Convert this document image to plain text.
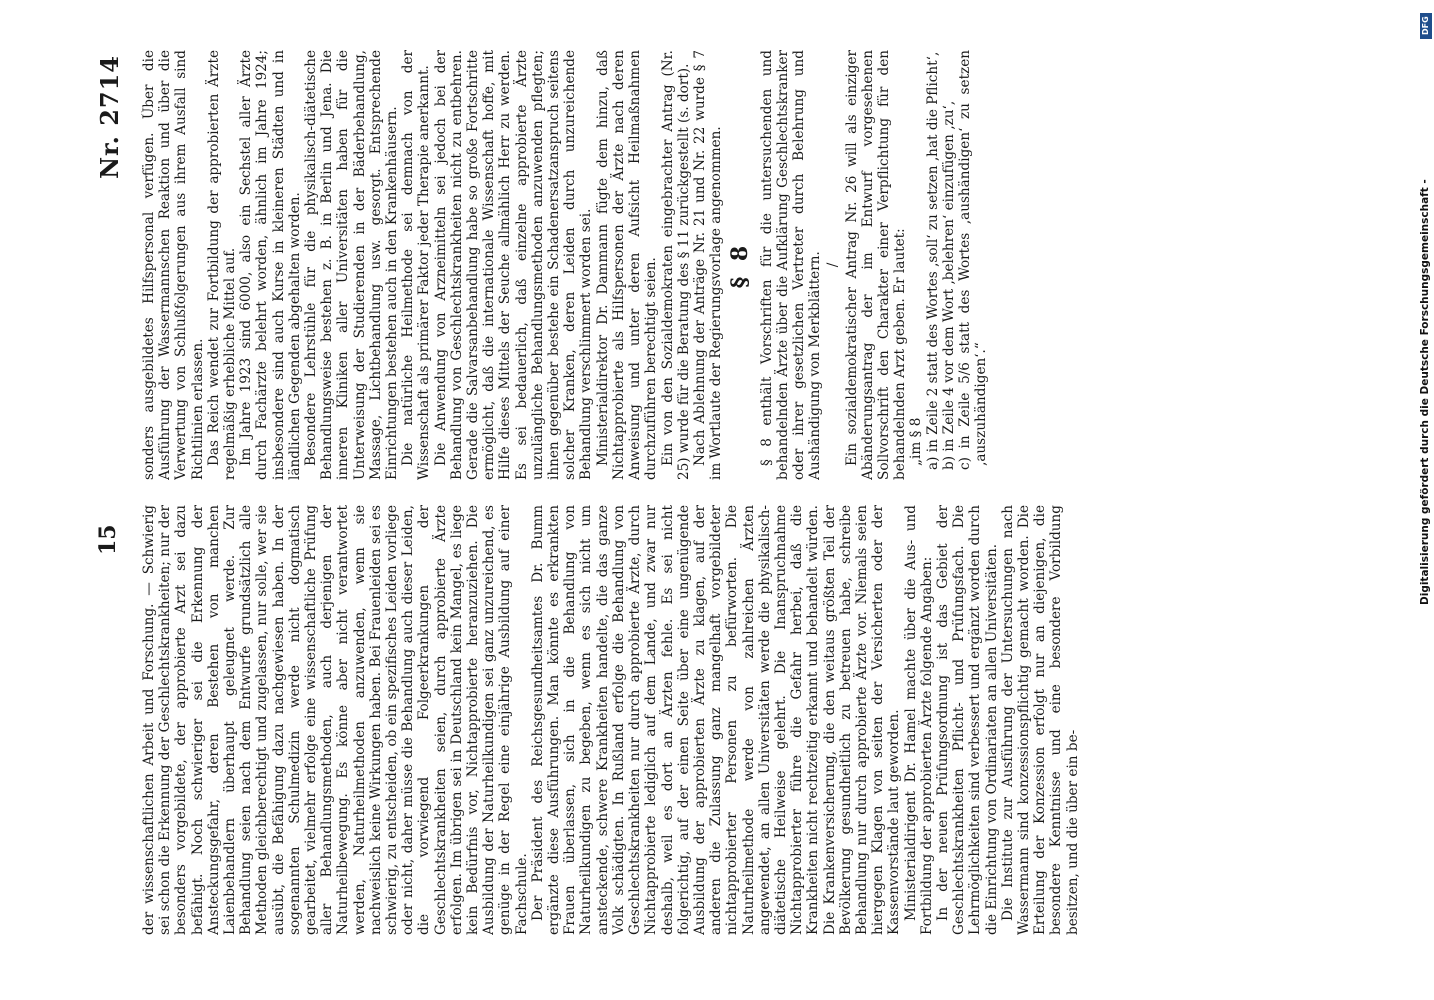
15
Nr. 2714

der wissenschaftlichen Arbeit und Forschung. — Schwierig sei schon die Erkennung der Geschlechtskrankheiten; nur der besonders vorgebildete, der approbierte Arzt sei dazu befähigt. Noch schwieriger sei die Erkennung der Ansteckungsgefahr, deren Bestehen von manchen Laienbehandlern überhaupt geleugnet werde. Zur Behandlung seien nach dem Entwurfe grundsätzlich alle Methoden gleichberechtigt und zugelassen, nur solle, wer sie ausübt, die Befähigung dazu nachgewiesen haben. In der sogenannten Schulmedizin werde nicht dogmatisch gearbeitet, vielmehr erfolge eine wissenschaftliche Prüfung aller Behandlungsmethoden, auch derjenigen der Naturheilbewegung. Es könne aber nicht verantwortet werden, Naturheilmethoden anzuwenden, wenn sie nachweislich keine Wirkungen haben. Bei Frauenleiden sei es schwierig, zu entscheiden, ob ein spezifisches Leiden vorliege oder nicht, daher müsse die Behandlung auch dieser Leiden, die vorwiegend Folgeerkrankungen der Geschlechtskrankheiten seien, durch approbierte Ärzte erfolgen. Im übrigen sei in Deutschland kein Mangel, es liege kein Bedürfnis vor, Nichtapprobierte heranzuziehen. Die Ausbildung der Naturheilkundigen sei ganz unzureichend, es genüge in der Regel eine einjährige Ausbildung auf einer Fachschule. Der Präsident des Reichsgesundheitsamtes Dr. Bumm ergänzte diese Ausführungen. Man könnte es erkrankten Frauen überlassen, sich in die Behandlung von Naturheilkundigen zu begeben, wenn es sich nicht um ansteckende, schwere Krankheiten handelte, die das ganze Volk schädigten. In Rußland erfolge die Behandlung von Geschlechtskrankheiten nur durch approbierte Ärzte, durch Nichtapprobierte lediglich auf dem Lande, und zwar nur deshalb, weil es dort an Ärzten fehle. Es sei nicht folgerichtig, auf der einen Seite über eine ungenügende Ausbildung der approbierten Ärzte zu klagen, auf der anderen die Zulassung ganz mangelhaft vorgebildeter nichtapprobierter Personen zu befürworten. Die Naturheilmethode werde von zahlreichen Ärzten angewendet, an allen Universitäten werde die physikalisch-diätetische Heilweise gelehrt. Die Inanspruchnahme Nichtapprobierter führe die Gefahr herbei, daß die Krankheiten nicht rechtzeitig erkannt und behandelt würden. Die Krankenversicherung, die den weitaus größten Teil der Bevölkerung gesundheitlich zu betreuen habe, schreibe Behandlung nur durch approbierte Ärzte vor. Niemals seien hiergegen Klagen von seiten der Versicherten oder der Kassenvorstände laut geworden. Ministerialdirigent Dr. Hamel machte über die Aus- und Fortbildung der approbierten Ärzte folgende Angaben: In der neuen Prüfungsordnung ist das Gebiet der Geschlechtskrankheiten Pflicht- und Prüfungsfach. Die Lehrmöglichkeiten sind verbessert und ergänzt worden durch die Einrichtung von Ordinariaten an allen Universitäten. Die Institute zur Ausführung der Untersuchungen nach Wassermann sind konzessionspflichtig gemacht worden. Die Erteilung der Konzession erfolgt nur an diejenigen, die besondere Kenntnisse und eine besondere Vorbildung besitzen, und die über ein be-

sonders ausgebildetes Hilfspersonal verfügen. Über die Ausführung der Wassermannschen Reaktion und über die Verwertung von Schlußfolgerungen aus ihrem Ausfall sind Richtlinien erlassen. Das Reich wendet zur Fortbildung der approbierten Ärzte regelmäßig erhebliche Mittel auf. Im Jahre 1923 sind 6000, also ein Sechstel aller Ärzte durch Fachärzte belehrt worden, ähnlich im Jahre 1924; insbesondere sind auch Kurse in kleineren Städten und in ländlichen Gegenden abgehalten worden. Besondere Lehrstühle für die physikalisch-diätetische Behandlungsweise bestehen z. B. in Berlin und Jena. Die inneren Kliniken aller Universitäten haben für die Unterweisung der Studierenden in der Bäderbehandlung, Massage, Lichtbehandlung usw. gesorgt. Entsprechende Einrichtungen bestehen auch in den Krankenhäusern. Die natürliche Heilmethode sei demnach von der Wissenschaft als primärer Faktor jeder Therapie anerkannt. Die Anwendung von Arzneimitteln sei jedoch bei der Behandlung von Geschlechtskrankheiten nicht zu entbehren. Gerade die Salvarsanbehandlung habe so große Fortschritte ermöglicht, daß die internationale Wissenschaft hoffe, mit Hilfe dieses Mittels der Seuche allmählich Herr zu werden. Es sei bedauerlich, daß einzelne approbierte Ärzte unzulängliche Behandlungsmethoden anzuwenden pflegten; ihnen gegenüber bestehe ein Schadenersatzanspruch seitens solcher Kranken, deren Leiden durch unzureichende Behandlung verschlimmert worden sei. Ministerialdirektor Dr. Dammann fügte dem hinzu, daß Nichtapprobierte als Hilfspersonen der Ärzte nach deren Anweisung und unter deren Aufsicht Heilmaßnahmen durchzuführen berechtigt seien. Ein von den Sozialdemokraten eingebrachter Antrag (Nr. 25) wurde für die Beratung des § 11 zurückgestellt (s. dort). Nach Ablehnung der Anträge Nr. 21 und Nr. 22 wurde § 7 im Wortlaute der Regierungsvorlage angenommen. § 8 § 8 enthält Vorschriften für die untersuchenden und behandelnden Ärzte über die Aufklärung Geschlechtskranker oder ihrer gesetzlichen Vertreter durch Belehrung und Aushändigung von Merkblättern. / Ein sozialdemokratischer Antrag Nr. 26 will als einziger Abänderungsantrag der im Entwurf vorgesehenen Sollvorschrift den Charakter einer Verpflichtung für den behandelnden Arzt geben. Er lautet: „im § 8 a) in Zeile 2 statt des Wortes ‚soll‘ zu setzen ‚hat die Pflicht‘, b) in Zeile 4 vor dem Wort ‚belehren‘ einzufügen ‚zu‘, c) in Zeile 5/6 statt des Wortes ‚aushändigen‘ zu setzen ‚auszuhändigen‘.“

DFG
Digitalisierung gefördert durch die Deutsche Forschungsgemeinschaft -
